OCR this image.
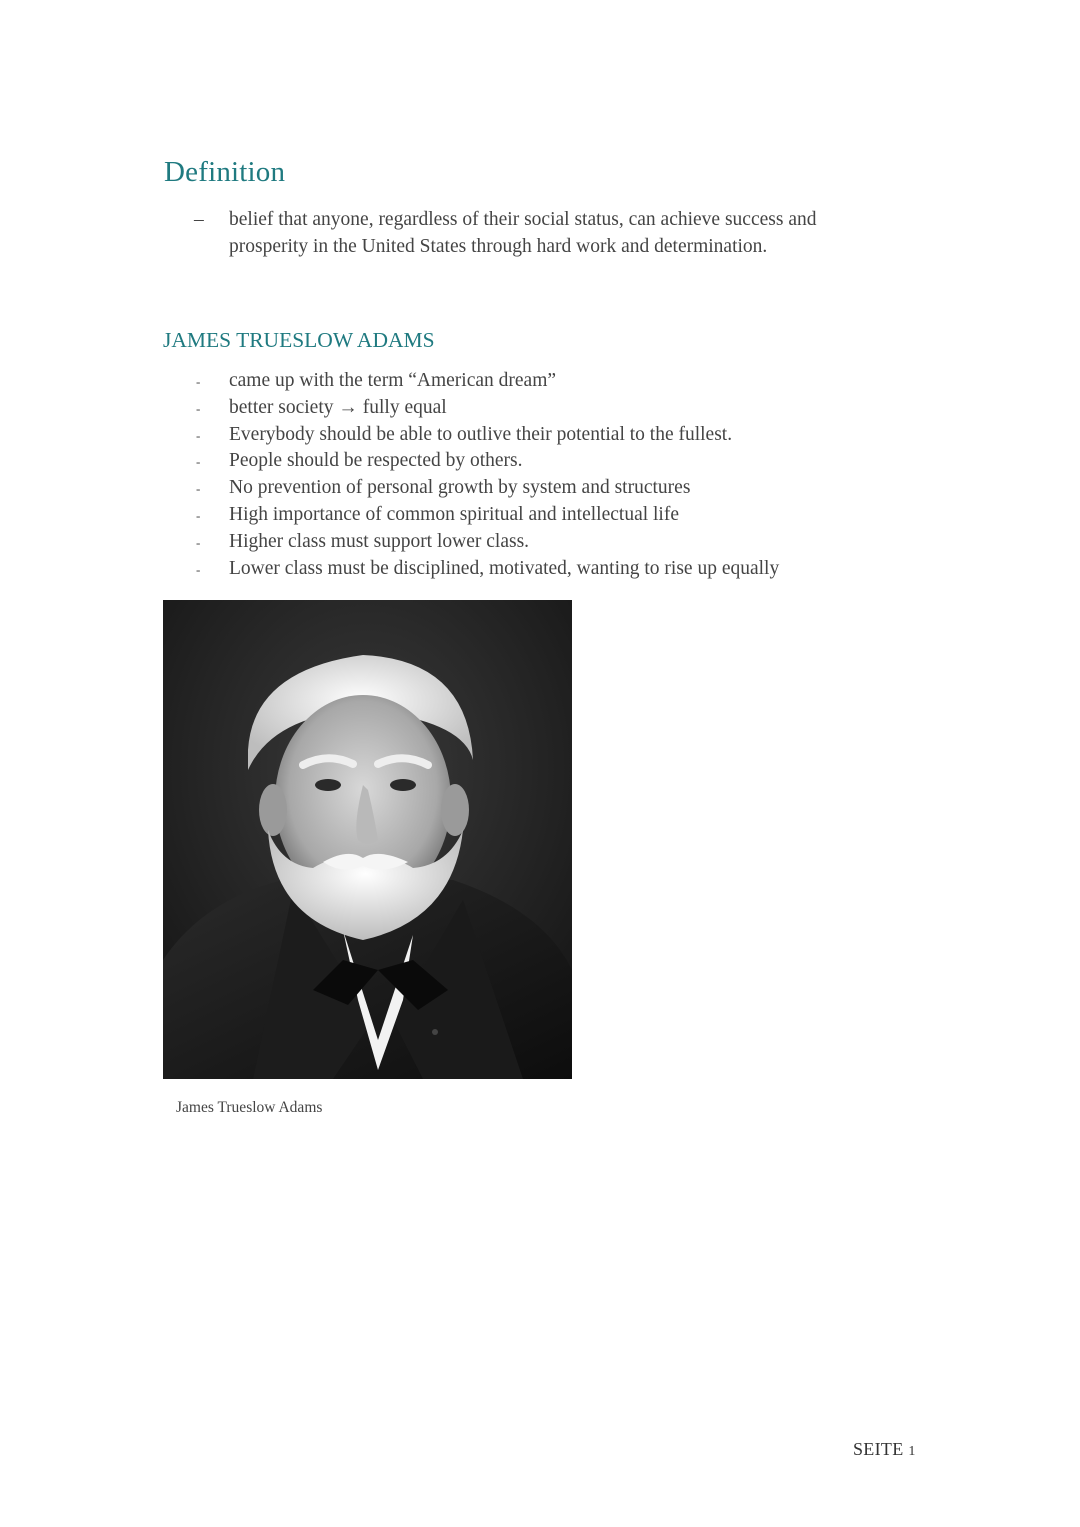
Definition
– belief that anyone, regardless of their social status, can achieve success and prosperity in the United States through hard work and determination.
JAMES TRUESLOW ADAMS
-	came up with the term “American dream”
-	better society → fully equal
-	Everybody should be able to outlive their potential to the fullest.
-	People should be respected by others.
-	No prevention of personal growth by system and structures
-	High importance of common spiritual and intellectual life
-	Higher class must support lower class.
-	Lower class must be disciplined, motivated, wanting to rise up equally
James Trueslow Adams
SEITE 1
